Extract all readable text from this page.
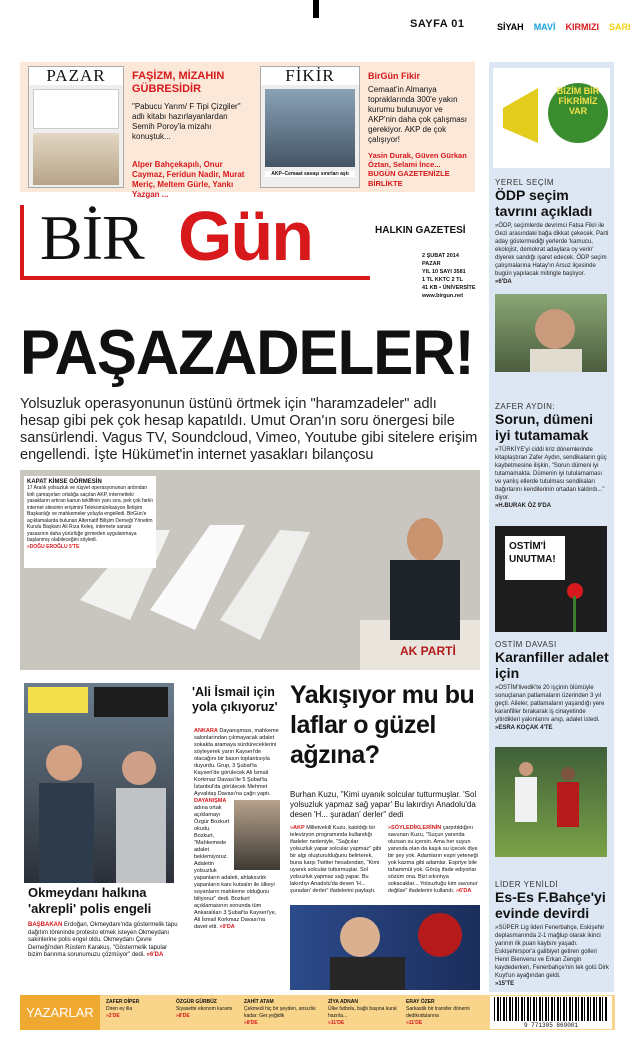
SAYFA 01	SİYAH MAVİ KIRMIZI SARI
PAZAR	FAŞİZM, MİZAHIN GÜBRESİDİR

"Pabucu Yarım/ F Tipi Çizgiler" adlı kitabı hazırlayanlardan Semih Poroy'la mizahı konuştuk...

Alper Bahçekapılı, Onur Caymaz, Feridun Nadir, Murat Meriç, Meltem Gürle, Yankı Yazgan ...

FİKİR
AKP–Cemaat savaşı sınırları aştı
BirGün Fikir

Cemaat'in Almanya topraklarında 300'e yakın kurumu bulunuyor ve AKP'nin daha çok çalışması gerekiyor. AKP de çok çalışıyor!

Yasin Durak, Güven Gürkan Öztan, Selami İnce...

BUGÜN GAZETENİZLE BİRLİKTE

BİR Gün	HALKIN GAZETESİ
2 ŞUBAT 2014
PAZAR
YIL 10 SAYI 3581
1 TL KKTC 2 TL
41 KB • ÜNİVERSİTE
www.birgun.net
PAŞAZADELER!
Yolsuzluk operasyonunun üstünü örtmek için "haramzadeler" adlı hesap gibi pek çok hesap kapatıldı. Umut Oran'ın soru önergesi bile sansürlendi. Vagus TV, Soundcloud, Vimeo, Youtube gibi sitelere erişim engellendi. İşte Hükümet'in internet yasakları bilançosu
AK PARTİ
KAPAT KİMSE GÖRMESİN

17 Aralık yolsuzluk ve rüşvet operasyonunun ardından kirli çamaşırları ortalığa saçılan AKP, internetteki yasakların artıran kanun teklifinin yanı sıra, pek çok farklı internet sitesinin erişimini Telekomünikasyon İletişim Başkanlığı ve mahkemeler yoluyla engelledi. BirGün'e açıklamalarda bulunan Alternatif Bilişim Derneği Yönetim Kurulu Başkanı Ali Rıza Keleş, internete sansür yasasının daha yürürlüğe girmeden uygulanmaya başlanmış olabileceğini söyledi.

»DOĞU EROĞLU 5'TE

Okmeydanı halkına 'akrepli' polis engeli
BAŞBAKAN Erdoğan, Okmeydanı'nda göstermelik tapu dağıtım töreninde protesto etmek isteyen Okmeydanı sakinlerine polis engel oldu. Okmeydanı Çevre Derneği'nden Rüstem Karakuş, "Göstermelik tapular bizim barınma sorunumuzu çözmüyor" dedi. »6'DA
'Ali İsmail için yola çıkıyoruz'
ANKARA Dayanışması, mahkeme salonlarından çıkmayacak adalet sokakta aramaya sürdüreceklerini söyleyerek yarın Kayseri'de olacağını bir basın toplantısıyla duyurdu. Grup, 3 Şubat'ta Kayseri'de görülecek Ali İsmail Korkmaz Davası'ile 5 Şubat'ta İstanbul'da görülecek Mehmet Ayvalıtaş Davası'na çağrı yaptı.

DAYANIŞMA adına ortak açıklamayı Özgür Bozkurt okudu. Bozkurt, "Mahkemede adalet beklemiyoruz. Adaletin yolsuzluk yapanların adaleti, ahlaksızlık yapanların kanı kutsalın ile ülkeyi soyanların mahkeme olduğunu biliyoruz" dedi. Bozkurt açıklamasının sonunda tüm Ankaralıları 3 Şubat'ta Kayseri'ye, Ali İsmail Korkmaz Davası'na davet etti. »9'DA
Yakışıyor mu bu laflar o güzel ağzına?
Burhan Kuzu, "Kimi uyanık solcular tutturmuşlar. 'Sol yolsuzluk yapmaz sağ yapar' Bu lakırdıyı Anadolu'da desen 'H... şuradan' derler" dedi
»AKP Milletvekili Kuzu, katıldığı bir televizyon programında kullandığı ifadeler nedeniyle, "Sağcılar yolsuzluk yapar solcular yapmaz" gibi bir algı oluşturulduğunu belirterek, buna karşı Twitter hesabından, "Kimi uyanık solcular tutturmuşlar. Sol yolsuzluk yapmaz sağ yapar. Bu lakırdıyı Anadolu'da desen 'H... şuradan' derler" ifadelerini paylaştı.
»SÖYLEDİKLERİNİN çarpıtıldığını savunan Kuzu, "Suçun yanında olursan su içersin. Ama her suyun yanında olan da kaşık su içecek diye bir şey yok. Adamların espri yeteneği yok kazma gibi adamlar. Espriye bile tahammül yok. Görüş ifade ediyorlar sözüm ona. Bizi sıkıntıya sokacaklar... Yolsuzluğu kim savunur değilse" ifadelerini kullandı. »6'DA
BİZİM BİR FİKRİMİZ VAR
YEREL SEÇİM
ÖDP seçim tavrını açıkladı

»ÖDP, seçimlerde devrimci Fatsa Fikri ile Gezi arasındaki bağa dikkat çekecek. Parti aday göstermediği yerlerde 'kamucu, ekolojist, demokrat adaylara oy verin' diyerek sandığı işaret edecek. ÖDP seçim çalışmalarına Hatay'ın Arsuz ilçesinde bugün yapılacak mitingle başlıyor.

»6'DA

ZAFER AYDIN:
Sorun, dümeni iyi tutamamak

»TÜRKİYE'yi ciddi kriz dönemlerinde kitaplaştıran Zafer Aydın, sendikaların güç kaybetmesine ilişkin, "Sorun dümeni iyi tutamamakta. Dümenin iyi tutulamaması ve yanlış ellerde tutulması sendikaları bağırlarını kendilerinin ortadan kaldırdı..." diyor.

»H.BURAK ÖZ 9'DA

OSTİM'İ UNUTMA!
OSTİM DAVASI
Karanfiller adalet için

»OSTİM'livedik'te 20 işçinin ölümüyle sonuçlanan patlamaların üzerinden 3 yıl geçti. Aileler, patlamaların yaşandığı yere karanfiller bırakarak iş cinayetinde yitirdikleri yakınlarını anıp, adalet istedi.

»ESRA KOÇAK 4'TE

LİDER YENİLDİ
Es-Es F.Bahçe'yi evinde devirdi

»SÜPER Lig lideri Fenerbahçe, Eskişehir deplasmanında 2-1 mağlup olarak ikinci yarının ilk puan kaybını yaşadı. Eskişehirspor'a galibiyet getiren golleri Henri Bienvenu ve Erkan Zengin kaydederken, Fenerbahçe'nin tek golü Dirk Kuyt'un ayağından geldi.

»15'TE

YAZARLAR
ZAFER DİPER
Diren ey ilia
»2'DE
ÖZGÜR GÜRBÜZ
Siyasette ekonom kuramı
»8'DE
ZAHİT ATAM
Çekmedi hiç bir şeyden, ansızlık kadar: Ger.yeğidik
»8'DE
ZİYA ADNAN
Ülke futbolu, bağlı başına kural hazırla...
»11'DE
ERAY ÖZER
Sarkastik bir transfer dönemi dedikodularına
»11'DE	9 771305 869001
